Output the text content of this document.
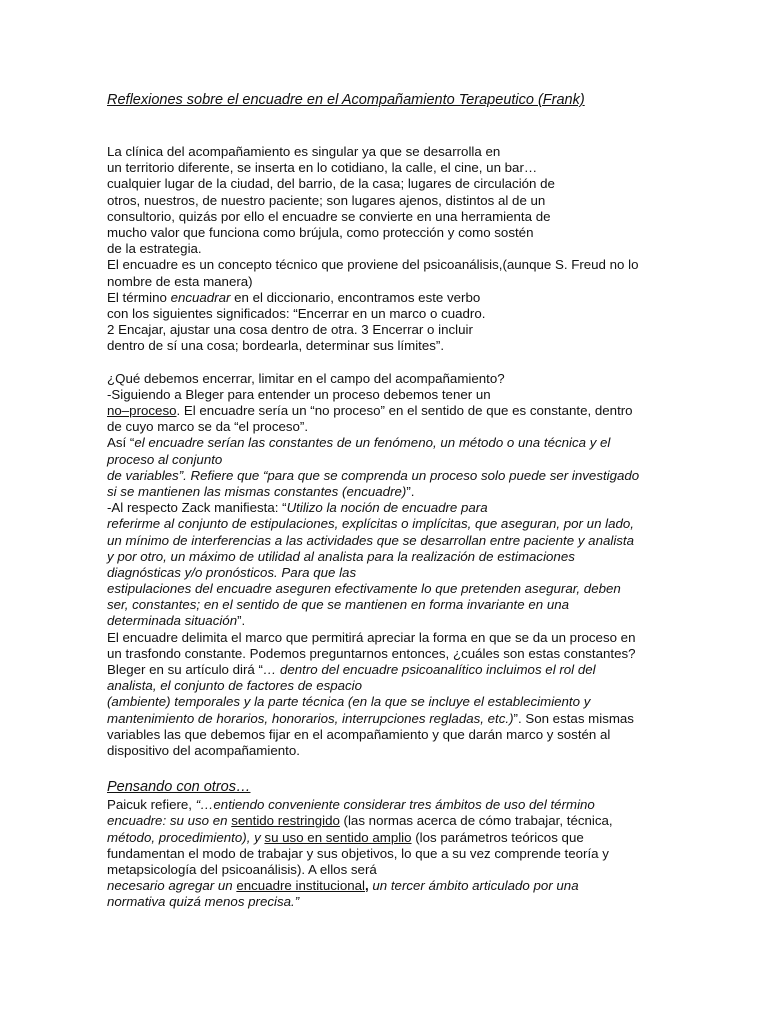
Reflexiones sobre el encuadre en el Acompañamiento Terapeutico (Frank)
La clínica del acompañamiento es singular ya que se desarrolla en
un territorio diferente, se inserta en lo cotidiano, la calle, el cine, un bar…
cualquier lugar de la ciudad, del barrio, de la casa; lugares de circulación de
otros, nuestros, de nuestro paciente; son lugares ajenos, distintos al de un
consultorio, quizás por ello el encuadre se convierte en una herramienta de
mucho valor que funciona como brújula, como protección y como sostén
de la estrategia.
El encuadre es un concepto técnico que proviene del psicoanálisis,(aunque S. Freud no lo
nombre de esta manera)
El término encuadrar en el diccionario, encontramos este verbo
con los siguientes significados: “Encerrar en un marco o cuadro.
2 Encajar, ajustar una cosa dentro de otra. 3 Encerrar o incluir
dentro de sí una cosa; bordearla, determinar sus límites”.
¿Qué debemos encerrar, limitar en el campo del acompañamiento?
-Siguiendo a Bleger para entender un proceso debemos tener un
no–proceso. El encuadre sería un “no proceso” en el sentido de que es constante, dentro
de cuyo marco se da “el proceso”.
Así “el encuadre serían las constantes de un fenómeno, un método o una técnica y el
proceso al conjunto
de variables”. Refiere que “para que se comprenda un proceso solo puede ser investigado
si se mantienen las mismas constantes (encuadre)”.
-Al respecto Zack manifiesta: “Utilizo la noción de encuadre para
referirme al conjunto de estipulaciones, explícitas o implícitas, que aseguran, por un lado,
un mínimo de interferencias a las actividades que se desarrollan entre paciente y analista
y por otro, un máximo de utilidad al analista para la realización de estimaciones
diagnósticas y/o pronósticos. Para que las
estipulaciones del encuadre aseguren efectivamente lo que pretenden asegurar, deben
ser, constantes; en el sentido de que se mantienen en forma invariante en una
determinada situación”.
El encuadre delimita el marco que permitirá apreciar la forma en que se da un proceso en
un trasfondo constante. Podemos preguntarnos entonces, ¿cuáles son estas constantes?
Bleger en su artículo dirá “… dentro del encuadre psicoanalítico incluimos el rol del
analista, el conjunto de factores de espacio
(ambiente) temporales y la parte técnica (en la que se incluye el establecimiento y
mantenimiento de horarios, honorarios, interrupciones regladas, etc.)”. Son estas mismas
variables las que debemos fijar en el acompañamiento y que darán marco y sostén al
dispositivo del acompañamiento.
Pensando con otros…
Paicuk refiere, “…entiendo conveniente considerar tres ámbitos de uso del término
encuadre: su uso en sentido restringido (las normas acerca de cómo trabajar, técnica,
método, procedimiento), y su uso en sentido amplio (los parámetros teóricos que
fundamentan el modo de trabajar y sus objetivos, lo que a su vez comprende teoría y
metapsicología del psicoanálisis). A ellos será
necesario agregar un encuadre institucional, un tercer ámbito articulado por una
normativa quizá menos precisa.”
